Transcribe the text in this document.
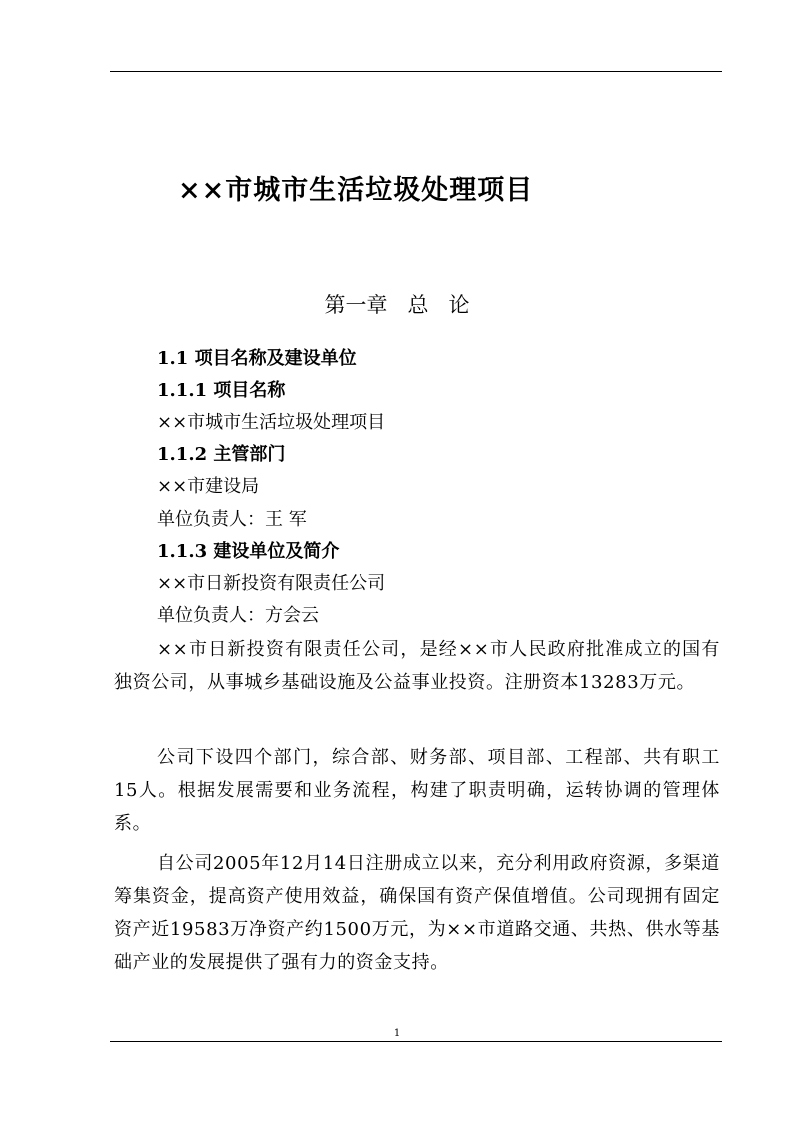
××市城市生活垃圾处理项目
第一章   总   论
1.1 项目名称及建设单位
1.1.1 项目名称
××市城市生活垃圾处理项目
1.1.2 主管部门
××市建设局
单位负责人：王 军
1.1.3 建设单位及简介
××市日新投资有限责任公司
单位负责人：方会云
××市日新投资有限责任公司，是经××市人民政府批准成立的国有独资公司，从事城乡基础设施及公益事业投资。注册资本13283万元。
公司下设四个部门，综合部、财务部、项目部、工程部、共有职工15人。根据发展需要和业务流程，构建了职责明确，运转协调的管理体系。
自公司2005年12月14日注册成立以来，充分利用政府资源，多渠道筹集资金，提高资产使用效益，确保国有资产保值增值。公司现拥有固定资产近19583万净资产约1500万元，为××市道路交通、共热、供水等基础产业的发展提供了强有力的资金支持。
1
